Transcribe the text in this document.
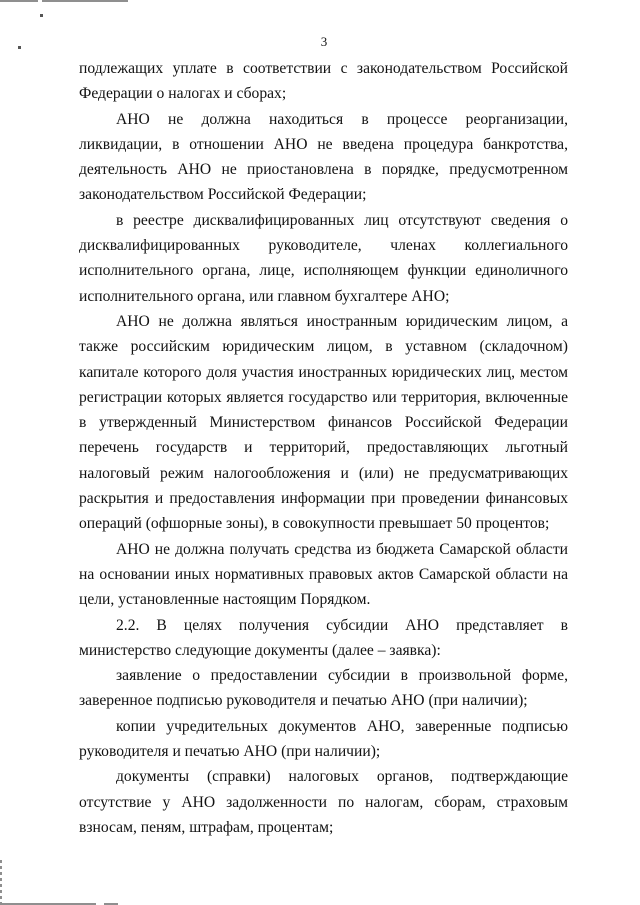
3

подлежащих уплате в соответствии с законодательством Российской Федерации о налогах и сборах;

АНО не должна находиться в процессе реорганизации, ликвидации, в отношении АНО не введена процедура банкротства, деятельность АНО не приостановлена в порядке, предусмотренном законодательством Российской Федерации;

в реестре дисквалифицированных лиц отсутствуют сведения о дисквалифицированных руководителе, членах коллегиального исполнительного органа, лице, исполняющем функции единоличного исполнительного органа, или главном бухгалтере АНО;

АНО не должна являться иностранным юридическим лицом, а также российским юридическим лицом, в уставном (складочном) капитале которого доля участия иностранных юридических лиц, местом регистрации которых является государство или территория, включенные в утвержденный Министерством финансов Российской Федерации перечень государств и территорий, предоставляющих льготный налоговый режим налогообложения и (или) не предусматривающих раскрытия и предоставления информации при проведении финансовых операций (офшорные зоны), в совокупности превышает 50 процентов;

АНО не должна получать средства из бюджета Самарской области на основании иных нормативных правовых актов Самарской области на цели, установленные настоящим Порядком.

2.2. В целях получения субсидии АНО представляет в министерство следующие документы (далее – заявка):

заявление о предоставлении субсидии в произвольной форме, заверенное подписью руководителя и печатью АНО (при наличии);

копии учредительных документов АНО, заверенные подписью руководителя и печатью АНО (при наличии);

документы (справки) налоговых органов, подтверждающие отсутствие у АНО задолженности по налогам, сборам, страховым взносам, пеням, штрафам, процентам;
